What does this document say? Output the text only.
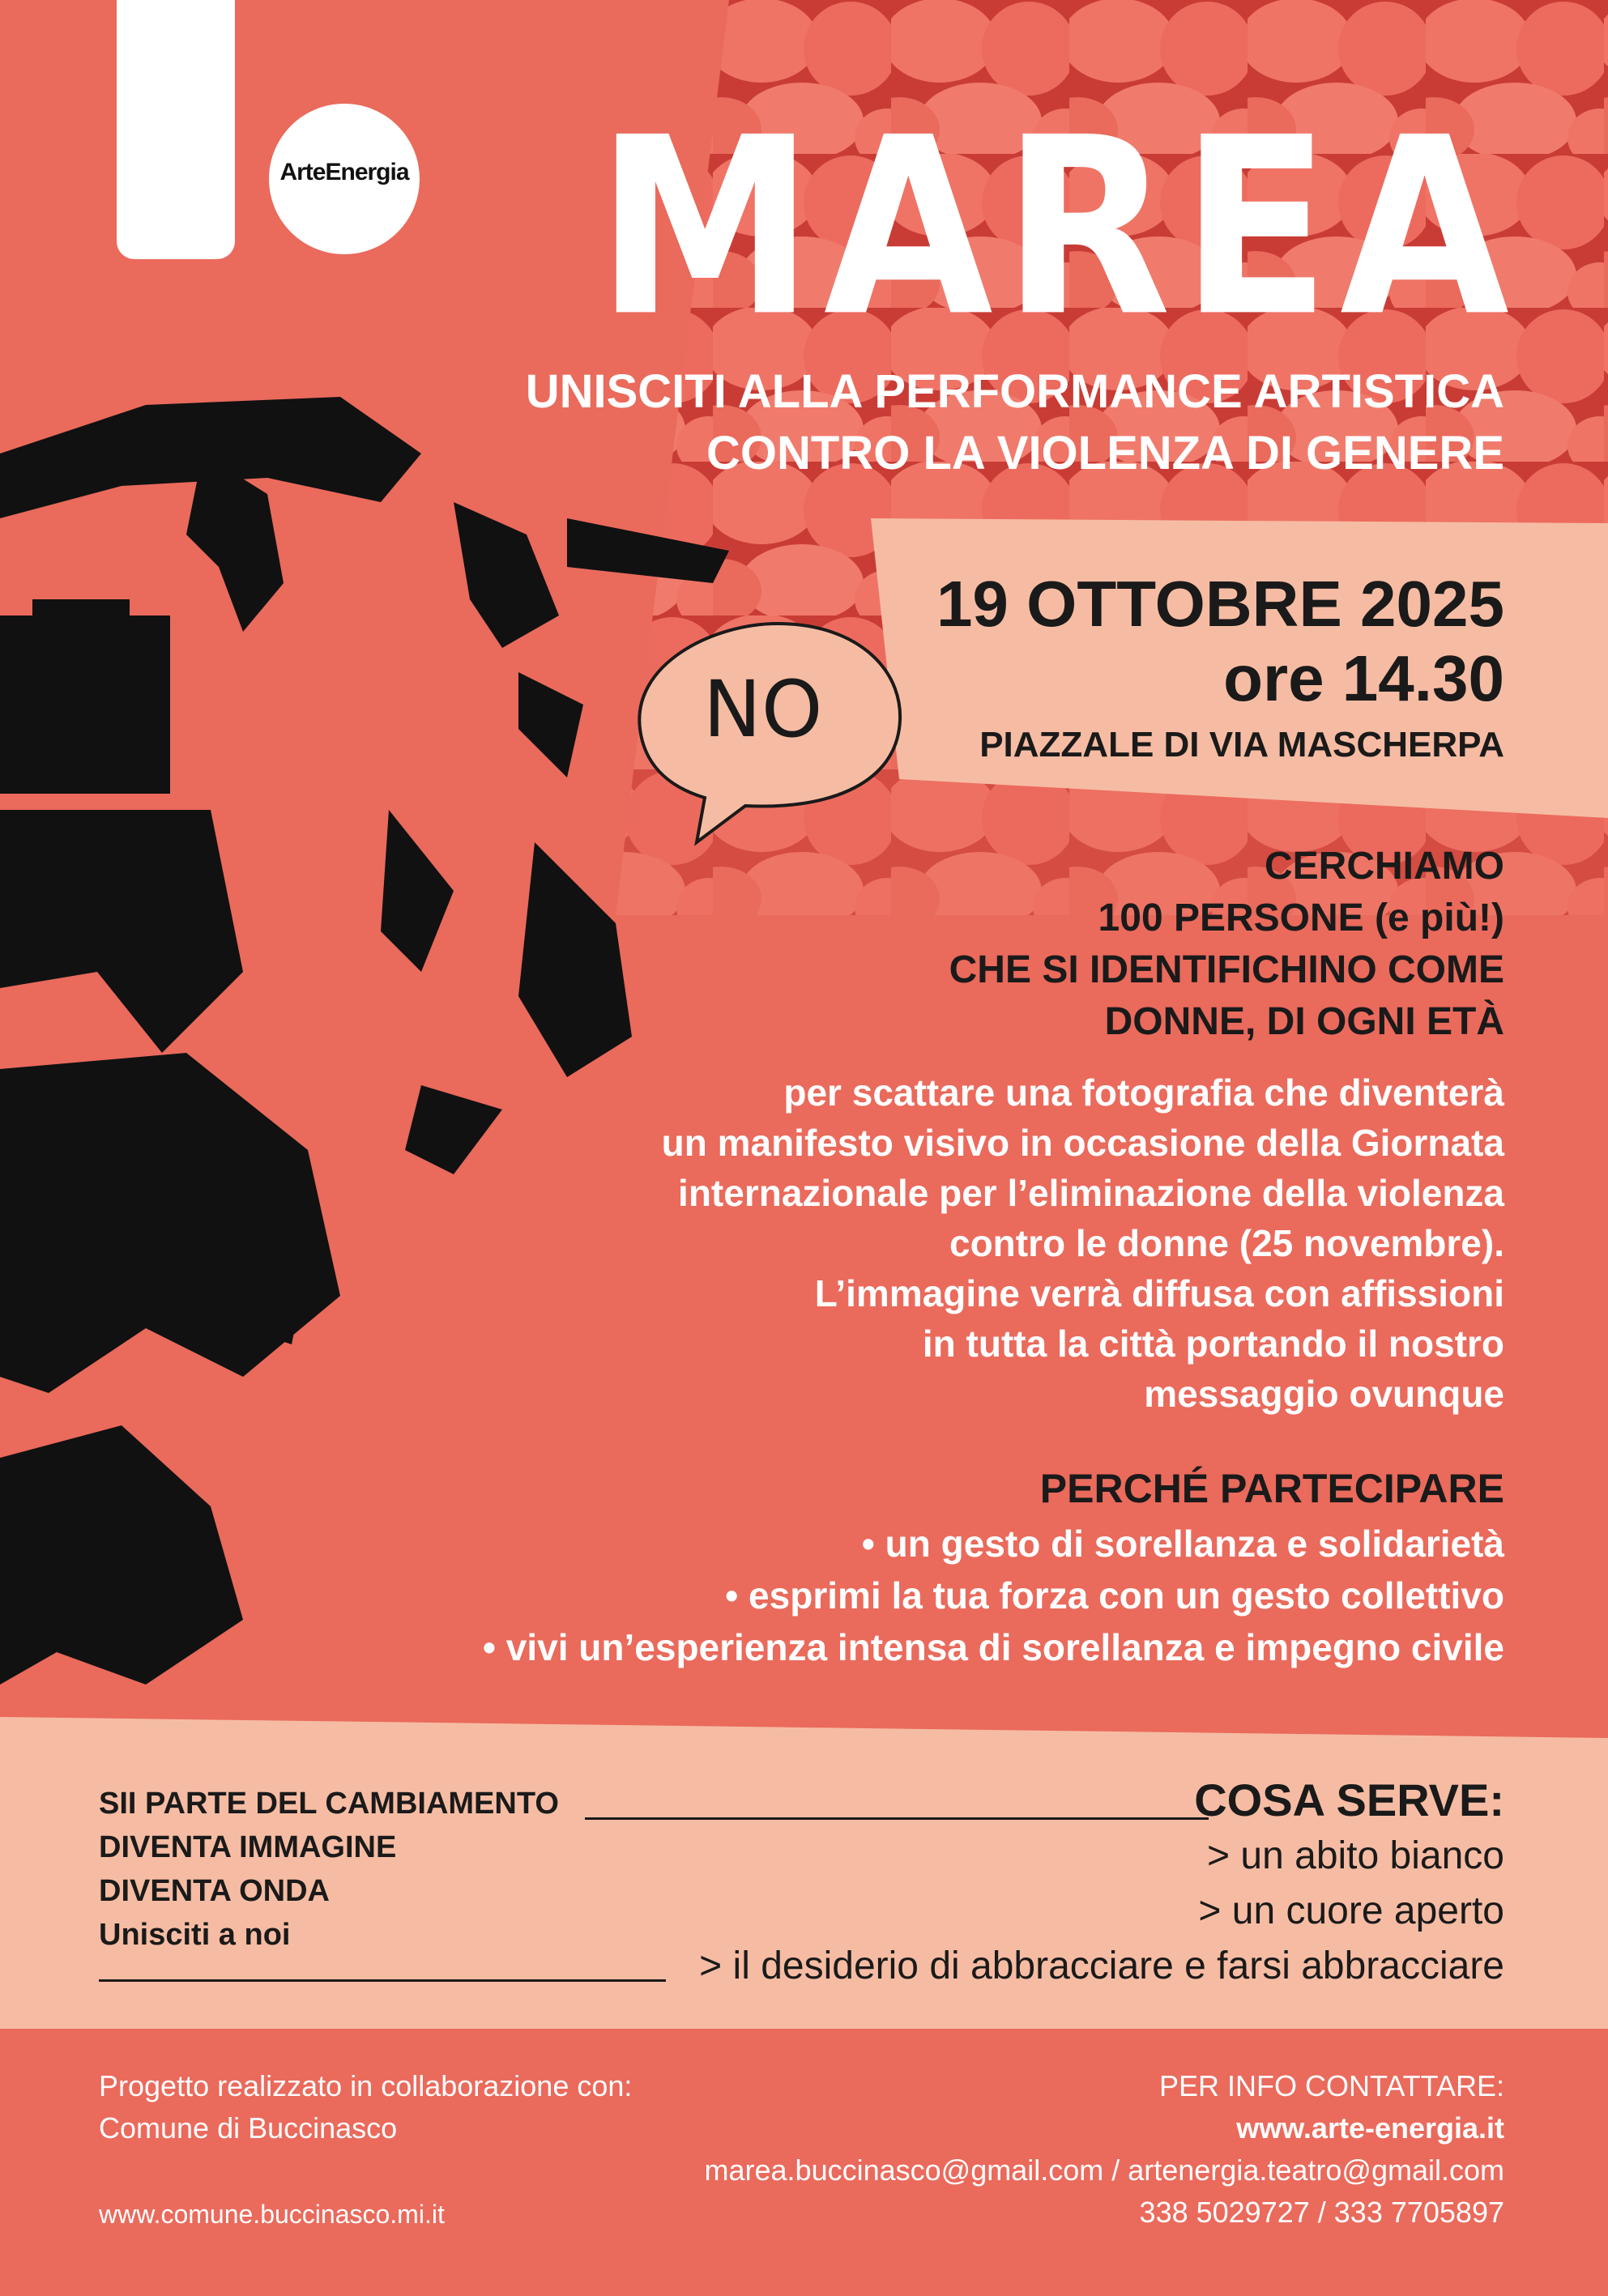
ArteEnergia MAREA
UNISCITI ALLA PERFORMANCE ARTISTICA
CONTRO LA VIOLENZA DI GENERE
19 OTTOBRE 2025
ore 14.30
PIAZZALE DI VIA MASCHERPA
NO
CERCHIAMO
100 PERSONE (e più!)
CHE SI IDENTIFICHINO COME
DONNE, DI OGNI ETÀ
per scattare una fotografia che diventerà
un manifesto visivo in occasione della Giornata
internazionale per l’eliminazione della violenza
contro le donne (25 novembre).
L’immagine verrà diffusa con affissioni
in tutta la città portando il nostro
messaggio ovunque
PERCHÉ PARTECIPARE
• un gesto di sorellanza e solidarietà
• esprimi la tua forza con un gesto collettivo
• vivi un’esperienza intensa di sorellanza e impegno civile
SII PARTE DEL CAMBIAMENTO
DIVENTA IMMAGINE
DIVENTA ONDA
Unisciti a noi
COSA SERVE:
> un abito bianco
> un cuore aperto
> il desiderio di abbracciare e farsi abbracciare
Progetto realizzato in collaborazione con:
Comune di Buccinasco
www.comune.buccinasco.mi.it
PER INFO CONTATTARE:
www.arte-energia.it
marea.buccinasco@gmail.com / artenergia.teatro@gmail.com
338 5029727 / 333 7705897
